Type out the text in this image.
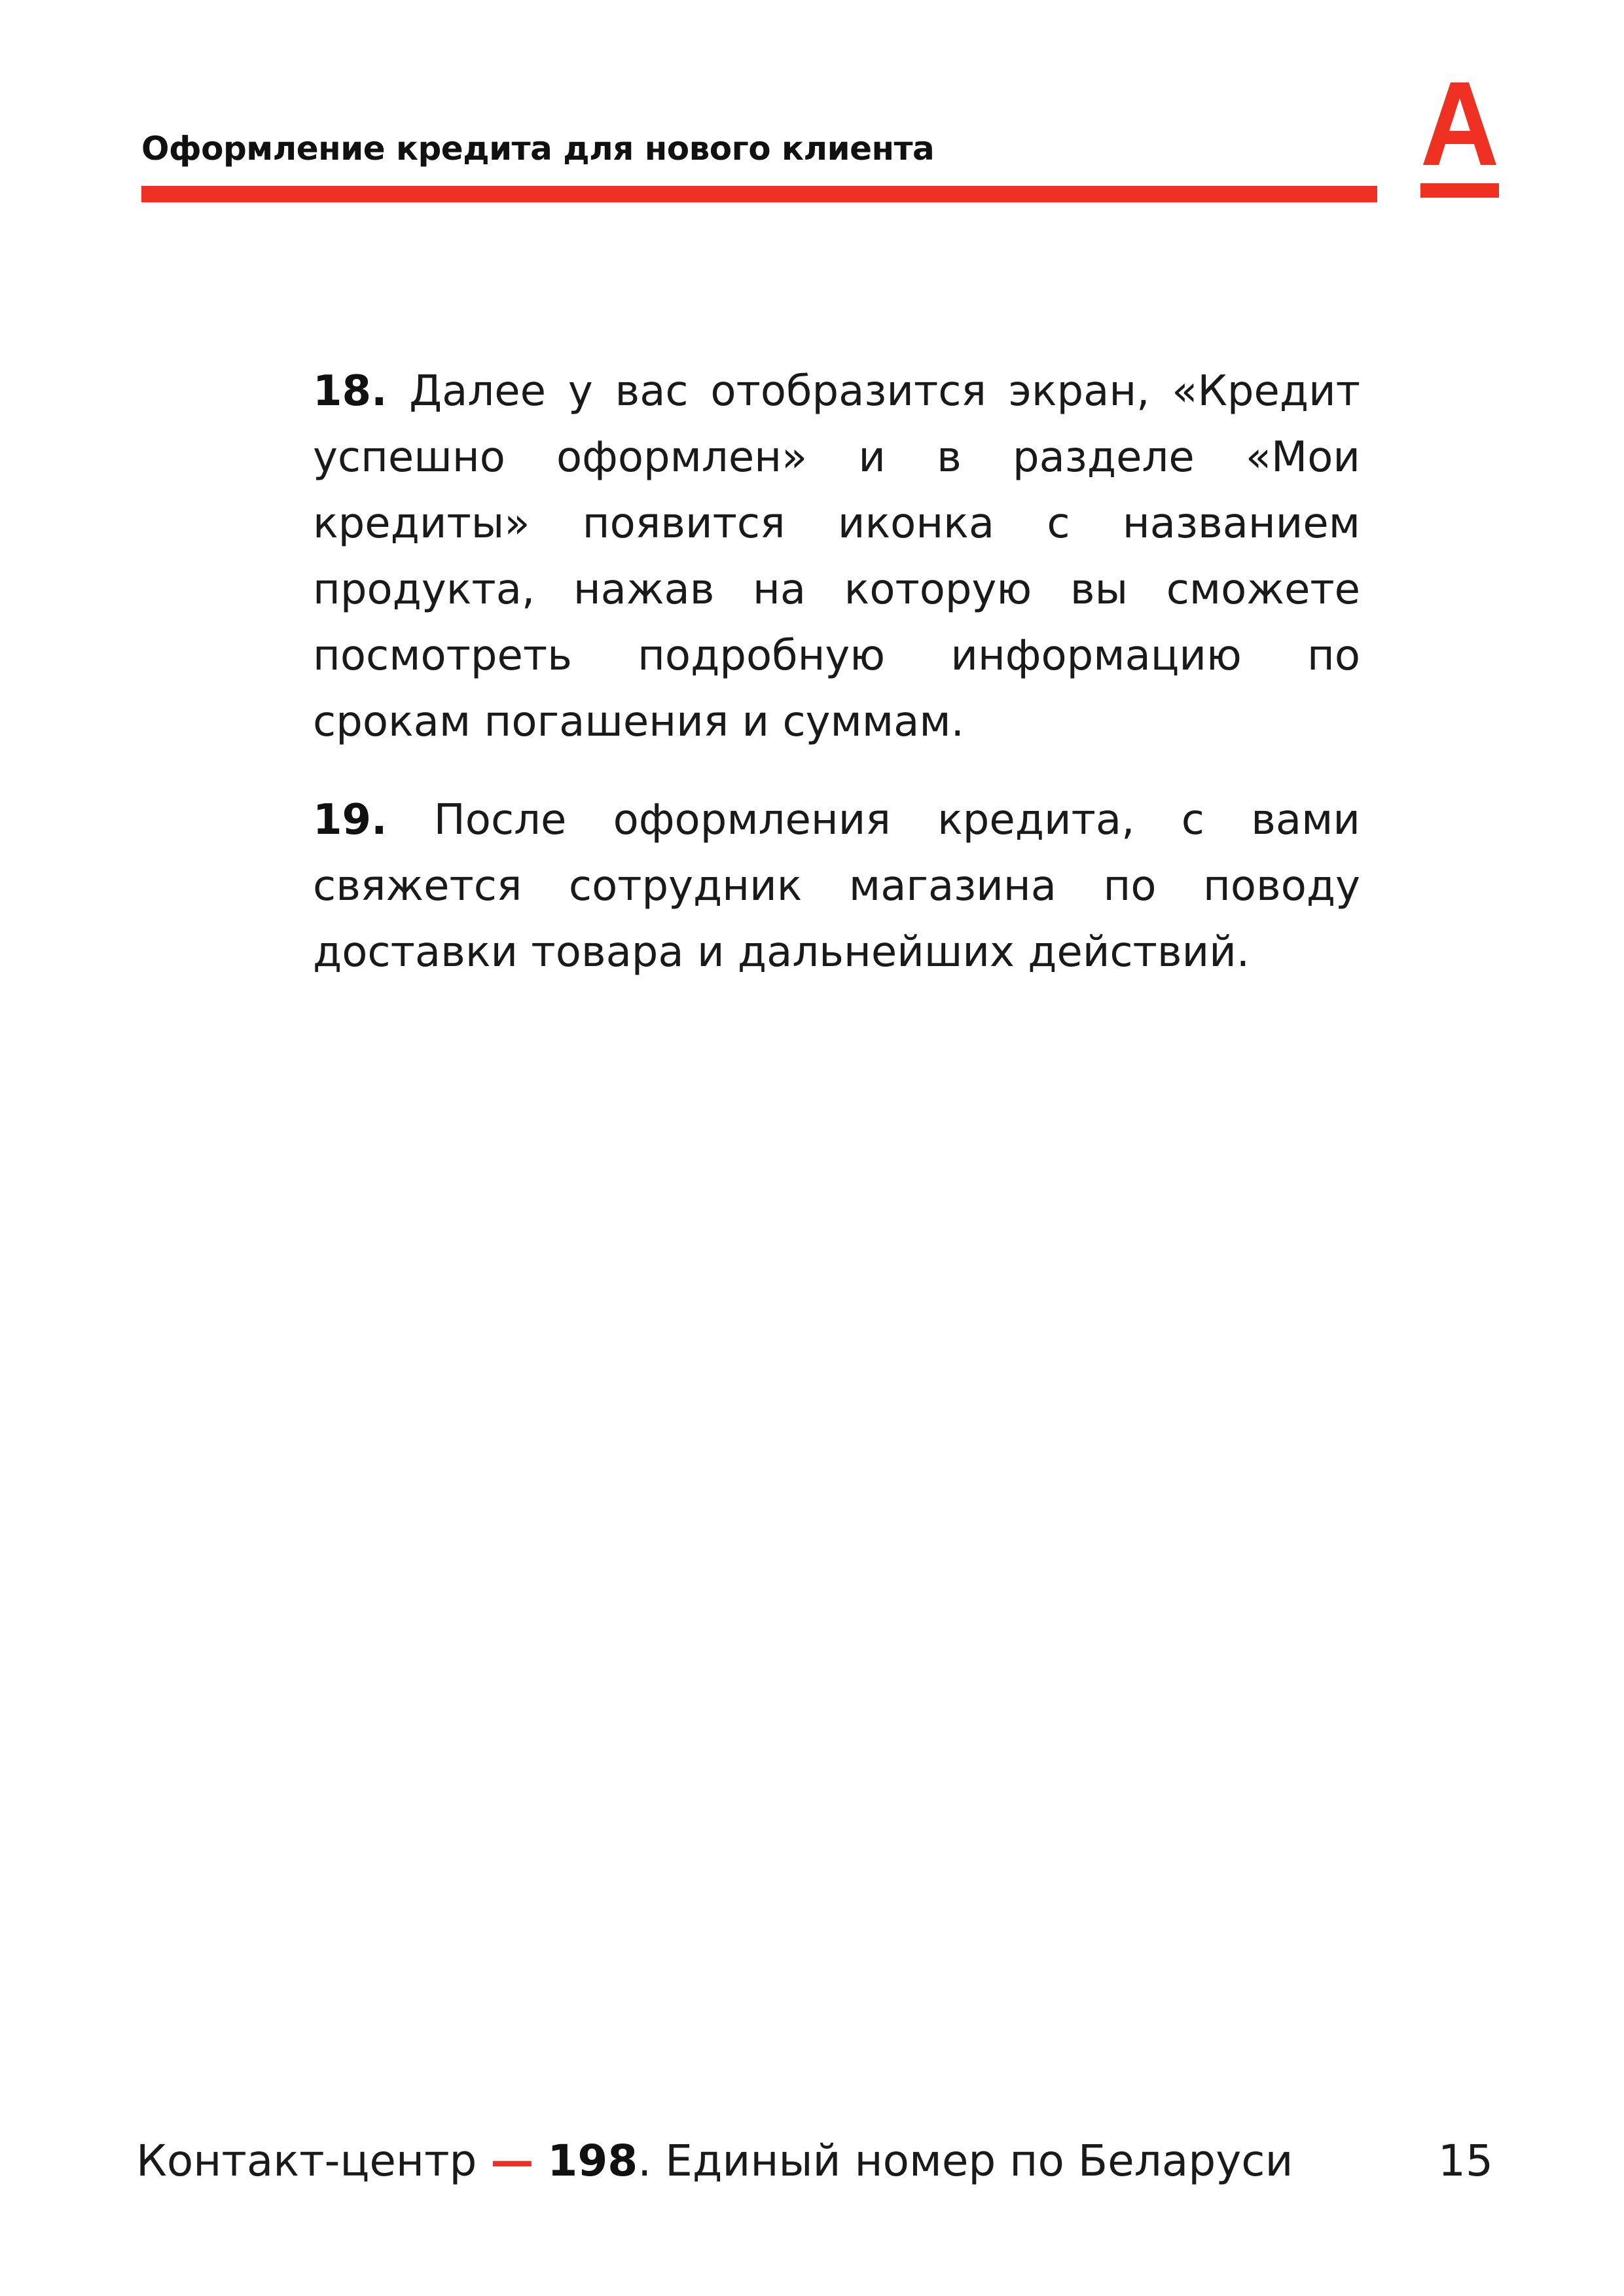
Оформление кредита для нового клиента

18. Далее у вас отобразится экран, «Кредит успешно оформлен» и в разделе «Мои кредиты» появится иконка с названием продукта, нажав на которую вы сможете посмотреть подробную информацию по срокам погашения и суммам.

19. После оформления кредита, с вами свяжется сотрудник магазина по поводу доставки товара и дальнейших действий.

Контакт-центр — 198. Единый номер по Беларуси	15
